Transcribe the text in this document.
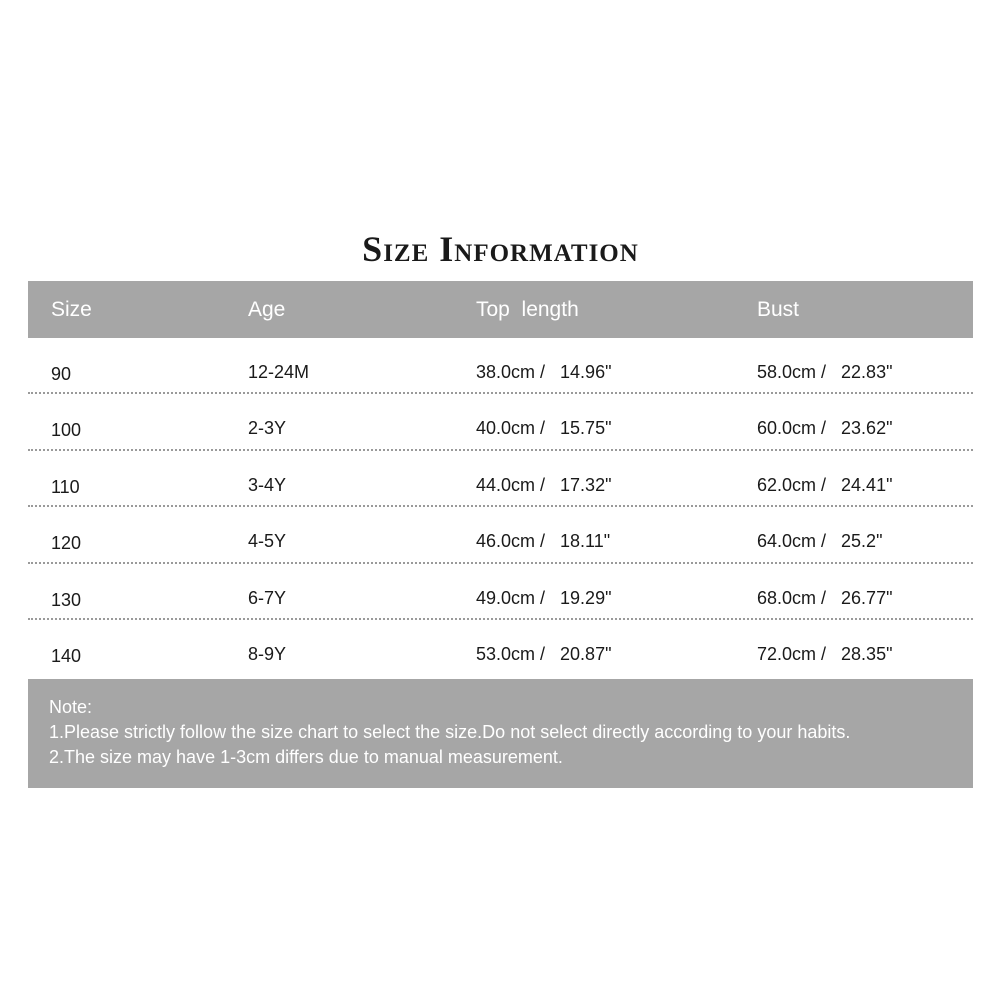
Size Information
Size	Age	Top  length	Bust
90	12-24M	38.0cm /   14.96"	58.0cm /   22.83"
100	2-3Y	40.0cm /   15.75"	60.0cm /   23.62"
110	3-4Y	44.0cm /   17.32"	62.0cm /   24.41"
120	4-5Y	46.0cm /   18.11"	64.0cm /   25.2"
130	6-7Y	49.0cm /   19.29"	68.0cm /   26.77"
140	8-9Y	53.0cm /   20.87"	72.0cm /   28.35"
Note:
1.Please strictly follow the size chart to select the size.Do not select directly according to your habits.
2.The size may have 1-3cm differs due to manual measurement.
